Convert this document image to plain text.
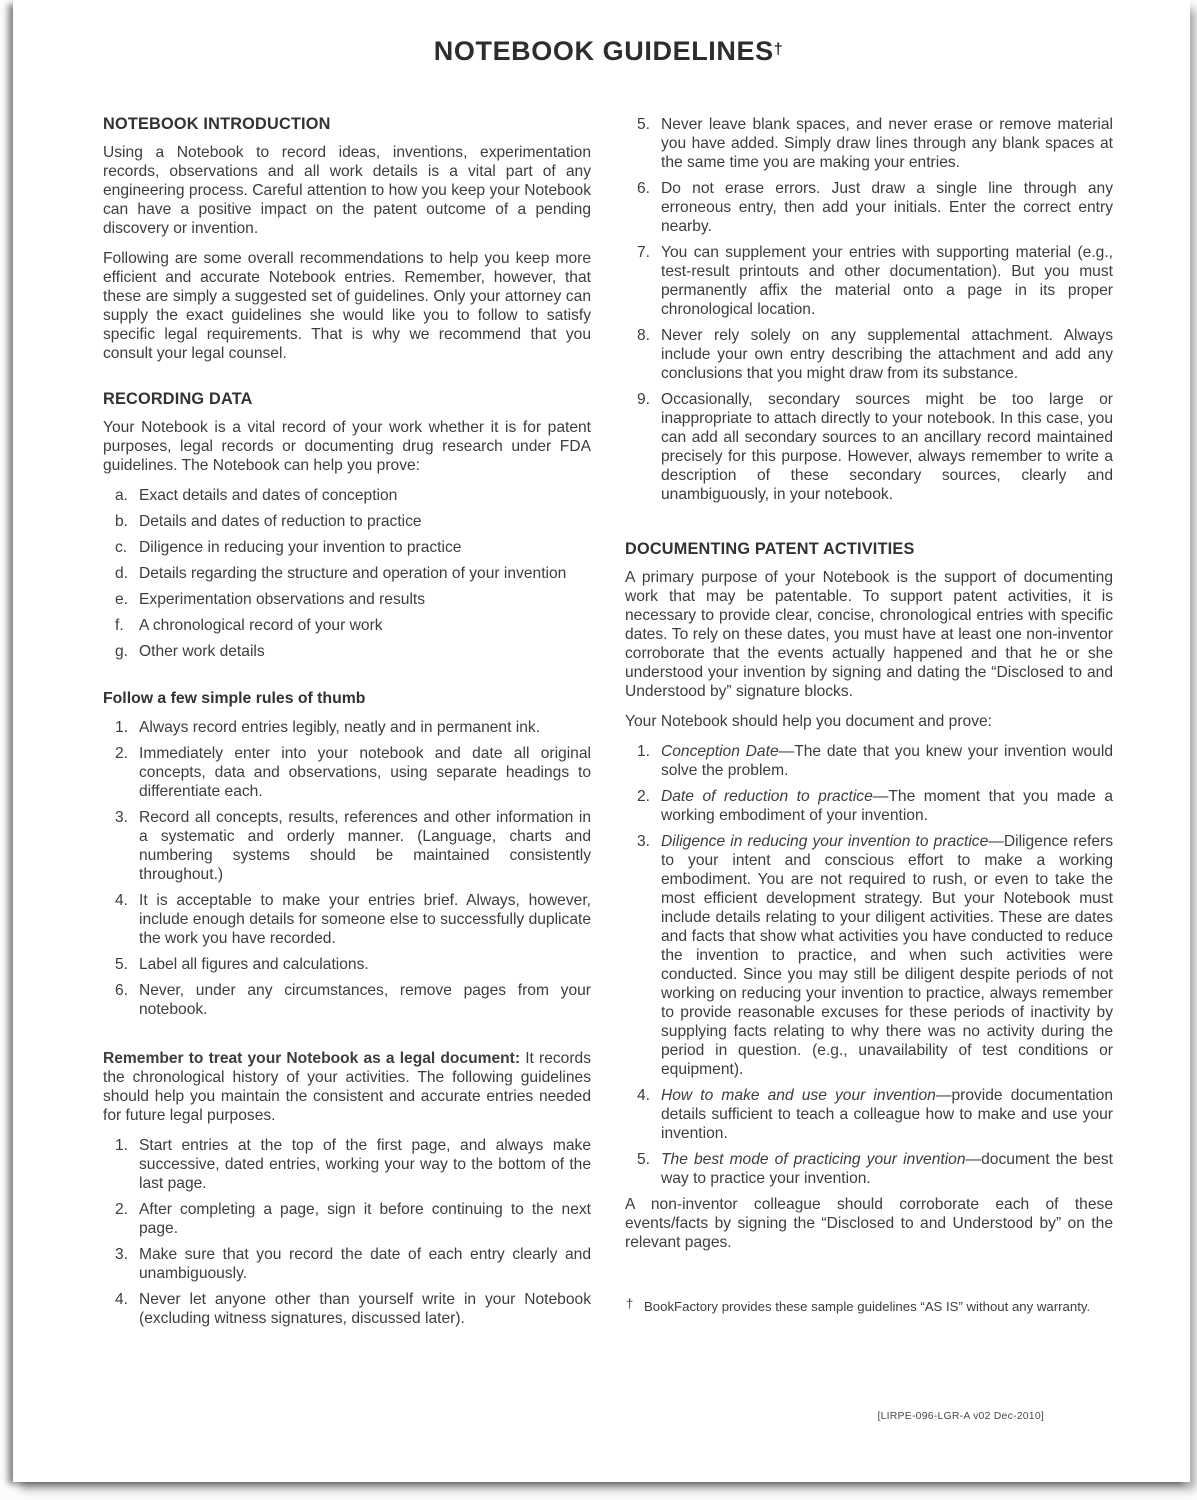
NOTEBOOK GUIDELINES†
NOTEBOOK INTRODUCTION

Using a Notebook to record ideas, inventions, experimentation records, observations and all work details is a vital part of any engineering process. Careful attention to how you keep your Notebook can have a positive impact on the patent outcome of a pending discovery or invention.

Following are some overall recommendations to help you keep more efficient and accurate Notebook entries. Remember, however, that these are simply a suggested set of guidelines. Only your attorney can supply the exact guidelines she would like you to follow to satisfy specific legal requirements. That is why we recommend that you consult your legal counsel.

RECORDING DATA

Your Notebook is a vital record of your work whether it is for patent purposes, legal records or documenting drug research under FDA guidelines. The Notebook can help you prove:

a. Exact details and dates of conception
b. Details and dates of reduction to practice
c. Diligence in reducing your invention to practice
d. Details regarding the structure and operation of your invention
e. Experimentation observations and results
f. A chronological record of your work
g. Other work details
Follow a few simple rules of thumb
1. Always record entries legibly, neatly and in permanent ink.
2. Immediately enter into your notebook and date all original concepts, data and observations, using separate headings to differentiate each.
3. Record all concepts, results, references and other information in a systematic and orderly manner. (Language, charts and numbering systems should be maintained consistently throughout.)
4. It is acceptable to make your entries brief. Always, however, include enough details for someone else to successfully duplicate the work you have recorded.
5. Label all figures and calculations.
6. Never, under any circumstances, remove pages from your notebook.

Remember to treat your Notebook as a legal document: It records the chronological history of your activities. The following guidelines should help you maintain the consistent and accurate entries needed for future legal purposes.

1. Start entries at the top of the first page, and always make successive, dated entries, working your way to the bottom of the last page.
2. After completing a page, sign it before continuing to the next page.
3. Make sure that you record the date of each entry clearly and unambiguously.
4. Never let anyone other than yourself write in your Notebook (excluding witness signatures, discussed later).
5. Never leave blank spaces, and never erase or remove material you have added. Simply draw lines through any blank spaces at the same time you are making your entries.
6. Do not erase errors. Just draw a single line through any erroneous entry, then add your initials. Enter the correct entry nearby.
7. You can supplement your entries with supporting material (e.g., test-result printouts and other documentation). But you must permanently affix the material onto a page in its proper chronological location.
8. Never rely solely on any supplemental attachment. Always include your own entry describing the attachment and add any conclusions that you might draw from its substance.
9. Occasionally, secondary sources might be too large or inappropriate to attach directly to your notebook. In this case, you can add all secondary sources to an ancillary record maintained precisely for this purpose. However, always remember to write a description of these secondary sources, clearly and unambiguously, in your notebook.
DOCUMENTING PATENT ACTIVITIES

A primary purpose of your Notebook is the support of documenting work that may be patentable. To support patent activities, it is necessary to provide clear, concise, chronological entries with specific dates. To rely on these dates, you must have at least one non-inventor corroborate that the events actually happened and that he or she understood your invention by signing and dating the “Disclosed to and Understood by” signature blocks.

Your Notebook should help you document and prove:

1. Conception Date—The date that you knew your invention would solve the problem.
2. Date of reduction to practice—The moment that you made a working embodiment of your invention.
3. Diligence in reducing your invention to practice—Diligence refers to your intent and conscious effort to make a working embodiment. You are not required to rush, or even to take the most efficient development strategy. But your Notebook must include details relating to your diligent activities. These are dates and facts that show what activities you have conducted to reduce the invention to practice, and when such activities were conducted. Since you may still be diligent despite periods of not working on reducing your invention to practice, always remember to provide reasonable excuses for these periods of inactivity by supplying facts relating to why there was no activity during the period in question. (e.g., unavailability of test conditions or equipment).
4. How to make and use your invention—provide documentation details sufficient to teach a colleague how to make and use your invention.
5. The best mode of practicing your invention—document the best way to practice your invention.

A non-inventor colleague should corroborate each of these events/facts by signing the “Disclosed to and Understood by” on the relevant pages.

† BookFactory provides these sample guidelines “AS IS” without any warranty.
[LIRPE-096-LGR-A v02 Dec-2010]
